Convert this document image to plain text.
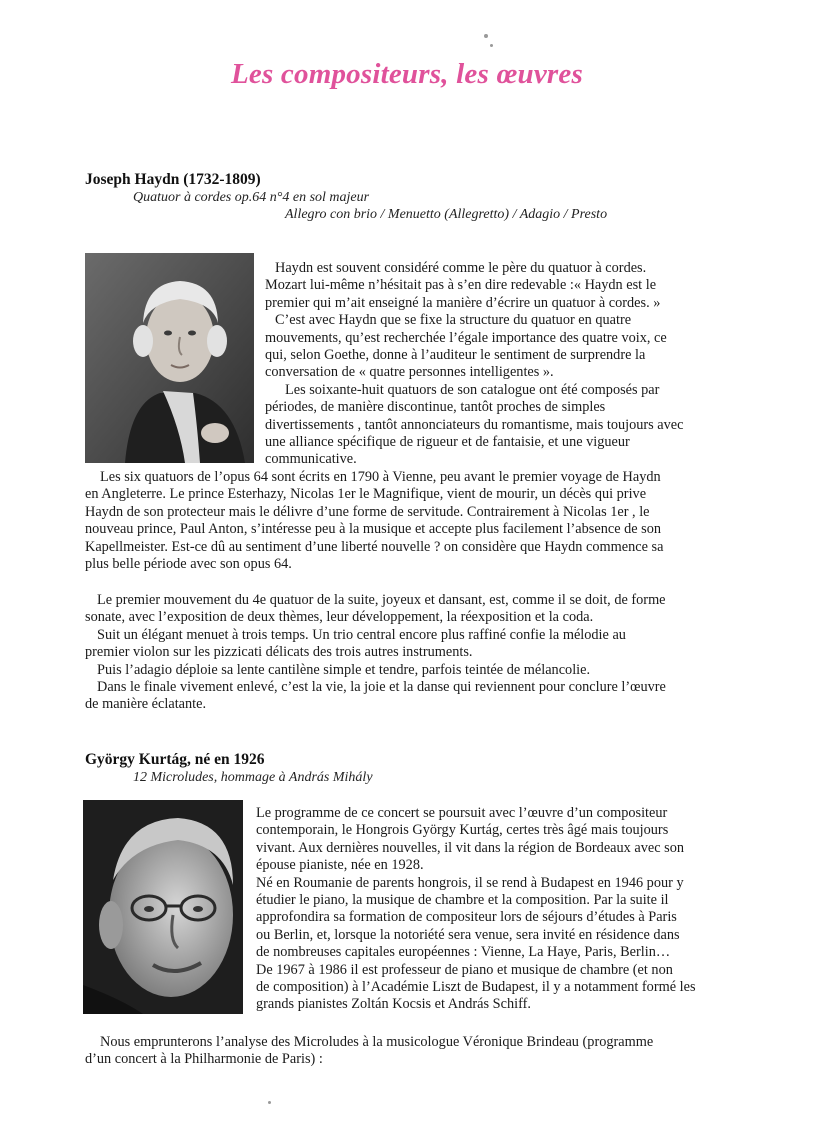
Les compositeurs, les œuvres
Joseph Haydn (1732-1809)
Quatuor à cordes op.64 n°4 en sol majeur
Allegro con brio / Menuetto (Allegretto) / Adagio / Presto
Haydn est souvent considéré comme le père du quatuor à cordes.
Mozart lui-même n’hésitait pas à s’en dire redevable :« Haydn est le
premier qui m’ait enseigné la manière d’écrire un quatuor à cordes. »
C’est avec Haydn que se fixe la structure du quatuor en quatre
mouvements, qu’est recherchée l’égale importance des quatre voix, ce
qui, selon Goethe, donne à l’auditeur le sentiment de surprendre la
conversation de « quatre personnes intelligentes ».
Les soixante-huit quatuors de son catalogue ont été composés par
périodes, de manière discontinue, tantôt proches de simples
divertissements , tantôt annonciateurs du romantisme, mais toujours avec
une alliance spécifique de rigueur et de fantaisie, et une vigueur
communicative.
Les six quatuors de l’opus 64 sont écrits en 1790 à Vienne, peu avant le premier voyage de Haydn
en Angleterre. Le prince Esterhazy, Nicolas 1er le Magnifique, vient de mourir, un décès qui prive
Haydn de son protecteur mais le délivre d’une forme de servitude. Contrairement à Nicolas 1er , le
nouveau prince, Paul Anton, s’intéresse peu à la musique et accepte plus facilement l’absence de son
Kapellmeister. Est-ce dû au sentiment d’une liberté nouvelle ? on considère que Haydn commence sa
plus belle période avec son opus 64.
Le premier mouvement du 4e quatuor de la suite, joyeux et dansant, est, comme il se doit, de forme
sonate, avec l’exposition de deux thèmes, leur développement, la réexposition et la coda.
Suit un élégant menuet à trois temps. Un trio central encore plus raffiné confie la mélodie au
premier violon sur les pizzicati délicats des trois autres instruments.
Puis l’adagio déploie sa lente cantilène simple et tendre, parfois teintée de mélancolie.
Dans le finale vivement enlevé, c’est la vie, la joie et la danse qui reviennent pour conclure l’œuvre
de manière éclatante.
György Kurtág, né en 1926
12 Microludes, hommage à András Mihály
Le programme de ce concert se poursuit avec l’œuvre d’un compositeur
contemporain, le Hongrois György Kurtág, certes très âgé mais toujours
vivant. Aux dernières nouvelles, il vit dans la région de Bordeaux avec son
épouse pianiste, née en 1928.
Né en Roumanie de parents hongrois, il se rend à Budapest en 1946 pour y
étudier le piano, la musique de chambre et la composition. Par la suite il
approfondira sa formation de compositeur lors de séjours d’études à Paris
ou Berlin, et, lorsque la notoriété sera venue, sera invité en résidence dans
de nombreuses capitales européennes : Vienne, La Haye, Paris, Berlin…
De 1967 à 1986 il est professeur de piano et musique de chambre (et non
de composition) à l’Académie Liszt de Budapest, il y a notamment formé les
grands pianistes Zoltán Kocsis et András Schiff.
Nous emprunterons l’analyse des Microludes à la musicologue Véronique Brindeau (programme
d’un concert à la Philharmonie de Paris) :
